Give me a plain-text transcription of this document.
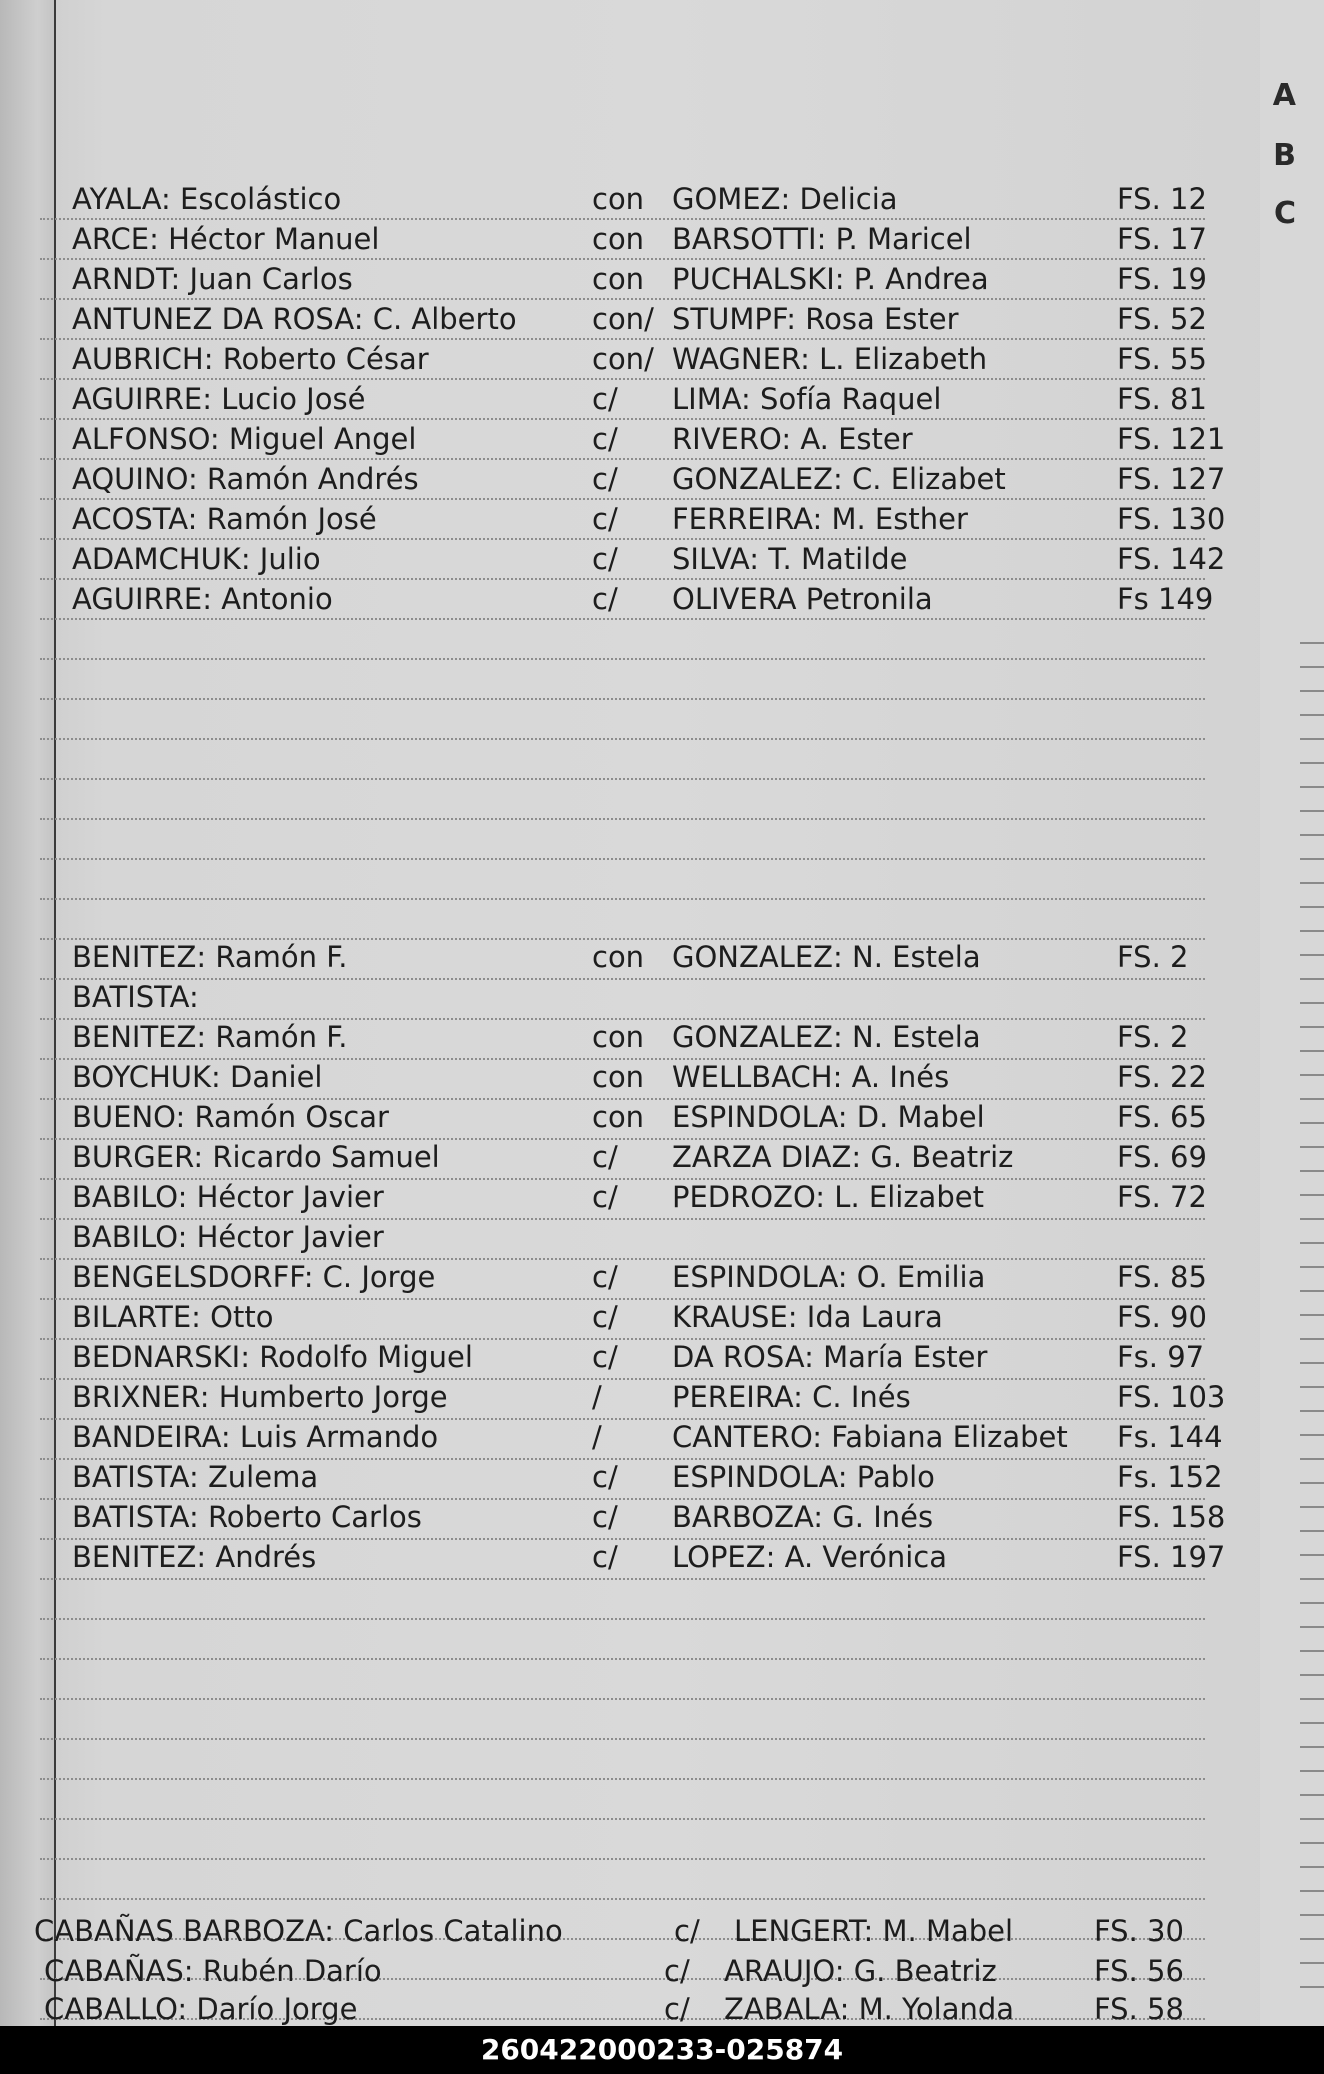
A
B
C
AYALA: Escolástico	con GOMEZ: Delicia	FS. 12
ARCE: Héctor Manuel	con BARSOTTI: P. Maricel	FS. 17
ARNDT: Juan Carlos	con PUCHALSKI: P. Andrea	FS. 19
ANTUNEZ DA ROSA: C. Alberto	con/ STUMPF: Rosa Ester	FS. 52
AUBRICH: Roberto César	con/ WAGNER: L. Elizabeth	FS. 55
AGUIRRE: Lucio José	c/ LIMA: Sofía Raquel	FS. 81
ALFONSO: Miguel Angel	c/ RIVERO: A. Ester	FS. 121
AQUINO: Ramón Andrés	c/ GONZALEZ: C. Elizabet	FS. 127
ACOSTA: Ramón José	c/ FERREIRA: M. Esther	FS. 130
ADAMCHUK: Julio	c/ SILVA: T. Matilde	FS. 142
AGUIRRE: Antonio	c/ OLIVERA Petronila	Fs 149
BENITEZ: Ramón F.	con GONZALEZ: N. Estela	FS. 2
BATISTA:
BENITEZ: Ramón F.	con GONZALEZ: N. Estela	FS. 2
BOYCHUK: Daniel	con WELLBACH: A. Inés	FS. 22
BUENO: Ramón Oscar	con ESPINDOLA: D. Mabel	FS. 65
BURGER: Ricardo Samuel	c/ ZARZA DIAZ: G. Beatriz	FS. 69
BABILO: Héctor Javier	c/ PEDROZO: L. Elizabet	FS. 72
BABILO: Héctor Javier
BENGELSDORFF: C. Jorge	c/ ESPINDOLA: O. Emilia	FS. 85
BILARTE: Otto	c/ KRAUSE: Ida Laura	FS. 90
BEDNARSKI: Rodolfo Miguel	c/ DA ROSA: María Ester	Fs. 97
BRIXNER: Humberto Jorge	/ PEREIRA: C. Inés	FS. 103
BANDEIRA: Luis Armando	/ CANTERO: Fabiana Elizabet Fs. 144
BATISTA: Zulema	c/ ESPINDOLA: Pablo	Fs. 152
BATISTA: Roberto Carlos	c/ BARBOZA: G. Inés	FS. 158
BENITEZ: Andrés	c/ LOPEZ: A. Verónica	FS. 197
CABAÑAS BARBOZA: Carlos Catalino	c/ LENGERT: M. Mabel	FS. 30
CABAÑAS: Rubén Darío	c/ ARAUJO: G. Beatriz	FS. 56
CABALLO: Darío Jorge	c/ ZABALA: M. Yolanda	FS. 58
260422000233-025874
